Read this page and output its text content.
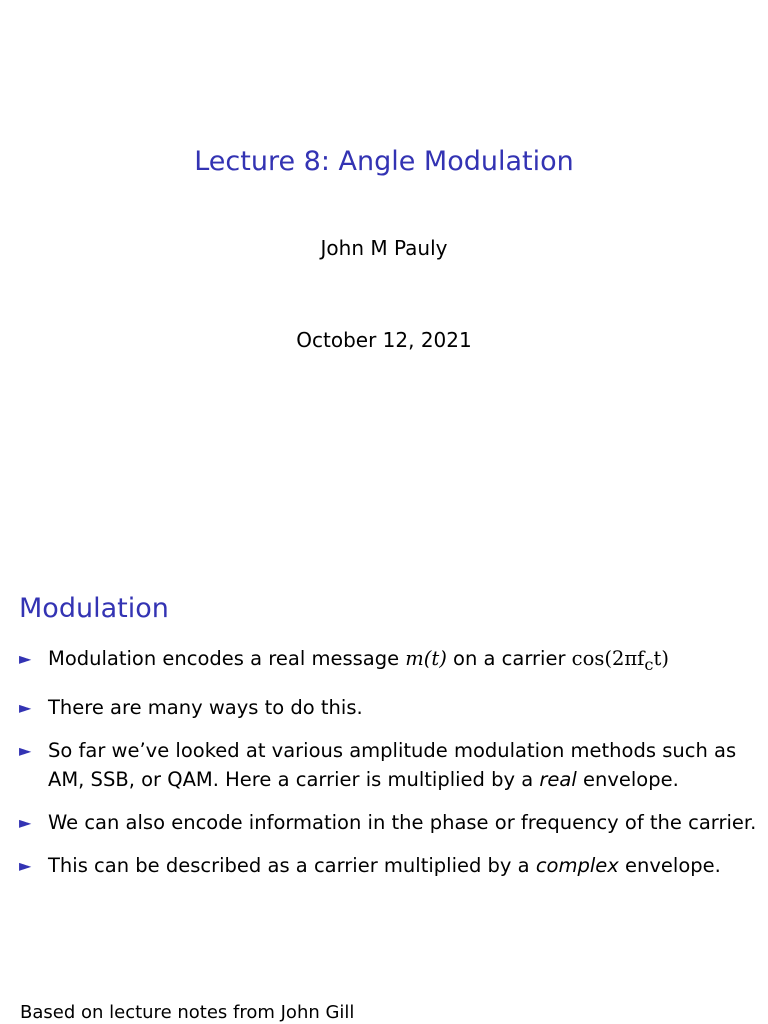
Lecture 8: Angle Modulation
John M Pauly
October 12, 2021
Modulation
► Modulation encodes a real message m(t) on a carrier $\cos(2\pi f_ct)$
► There are many ways to do this.
► So far we’ve looked at various amplitude modulation methods such as
AM, SSB, or QAM. Here a carrier is multiplied by a real envelope.
► We can also encode information in the phase or frequency of the carrier.
► This can be described as a carrier multiplied by a complex envelope.
Based on lecture notes from John Gill
